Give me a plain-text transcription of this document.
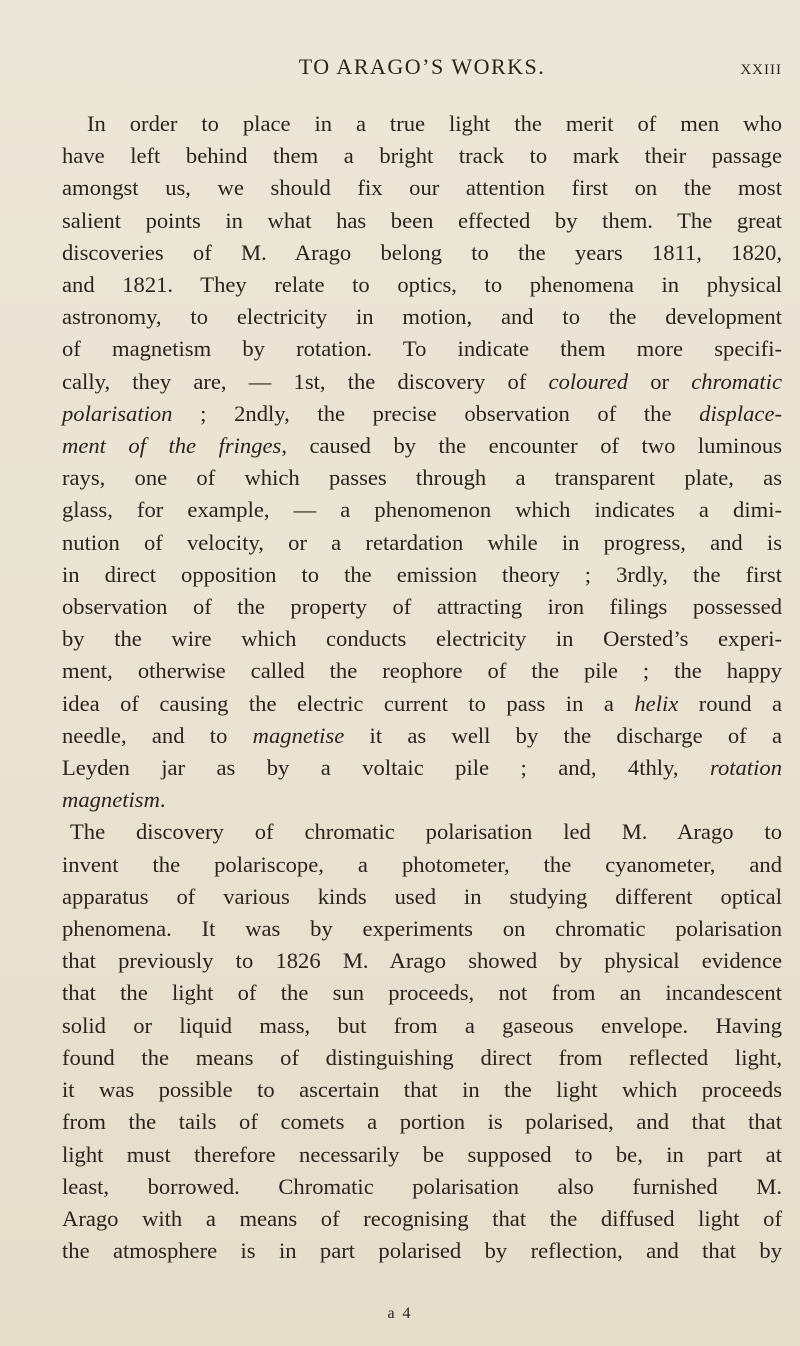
TO ARAGO’S WORKS.	xxiii
In order to place in a true light the merit of men who
have left behind them a bright track to mark their passage
amongst us, we should fix our attention first on the most
salient points in what has been effected by them. The great
discoveries of M. Arago belong to the years 1811, 1820,
and 1821. They relate to optics, to phenomena in physical
astronomy, to electricity in motion, and to the development
of magnetism by rotation. To indicate them more specifi-
cally, they are, — 1st, the discovery of coloured or chromatic
polarisation ; 2ndly, the precise observation of the displace-
ment of the fringes, caused by the encounter of two luminous
rays, one of which passes through a transparent plate, as
glass, for example, — a phenomenon which indicates a dimi-
nution of velocity, or a retardation while in progress, and is
in direct opposition to the emission theory ; 3rdly, the first
observation of the property of attracting iron filings possessed
by the wire which conducts electricity in Oersted’s experi-
ment, otherwise called the reophore of the pile ; the happy
idea of causing the electric current to pass in a helix round a
needle, and to magnetise it as well by the discharge of a
Leyden jar as by a voltaic pile ; and, 4thly, rotation
magnetism.
The discovery of chromatic polarisation led M. Arago to
invent the polariscope, a photometer, the cyanometer, and
apparatus of various kinds used in studying different optical
phenomena. It was by experiments on chromatic polarisation
that previously to 1826 M. Arago showed by physical evidence
that the light of the sun proceeds, not from an incandescent
solid or liquid mass, but from a gaseous envelope. Having
found the means of distinguishing direct from reflected light,
it was possible to ascertain that in the light which proceeds
from the tails of comets a portion is polarised, and that that
light must therefore necessarily be supposed to be, in part at
least, borrowed. Chromatic polarisation also furnished M.
Arago with a means of recognising that the diffused light of
the atmosphere is in part polarised by reflection, and that by
a 4
